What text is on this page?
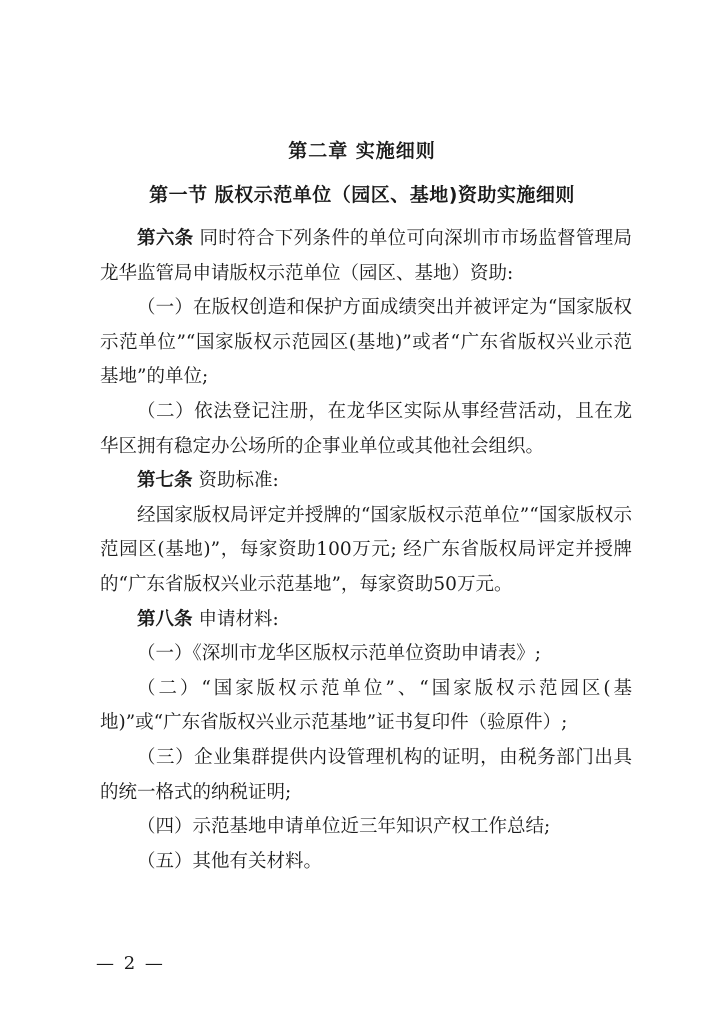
第二章 实施细则
第一节 版权示范单位（园区、基地)资助实施细则

第六条 同时符合下列条件的单位可向深圳市市场监督管理局龙华监管局申请版权示范单位（园区、基地）资助:

（一）在版权创造和保护方面成绩突出并被评定为“国家版权示范单位”“国家版权示范园区(基地)”或者“广东省版权兴业示范基地”的单位;

（二）依法登记注册，在龙华区实际从事经营活动，且在龙华区拥有稳定办公场所的企事业单位或其他社会组织。

第七条 资助标准:

经国家版权局评定并授牌的“国家版权示范单位”“国家版权示范园区(基地)”，每家资助100万元; 经广东省版权局评定并授牌的“广东省版权兴业示范基地”，每家资助50万元。

第八条 申请材料:

（一）《深圳市龙华区版权示范单位资助申请表》;

（二）“国家版权示范单位”、“国家版权示范园区(基地)”或“广东省版权兴业示范基地”证书复印件（验原件）;

（三）企业集群提供内设管理机构的证明，由税务部门出具的统一格式的纳税证明;

（四）示范基地申请单位近三年知识产权工作总结;

（五）其他有关材料。

— 2 —
